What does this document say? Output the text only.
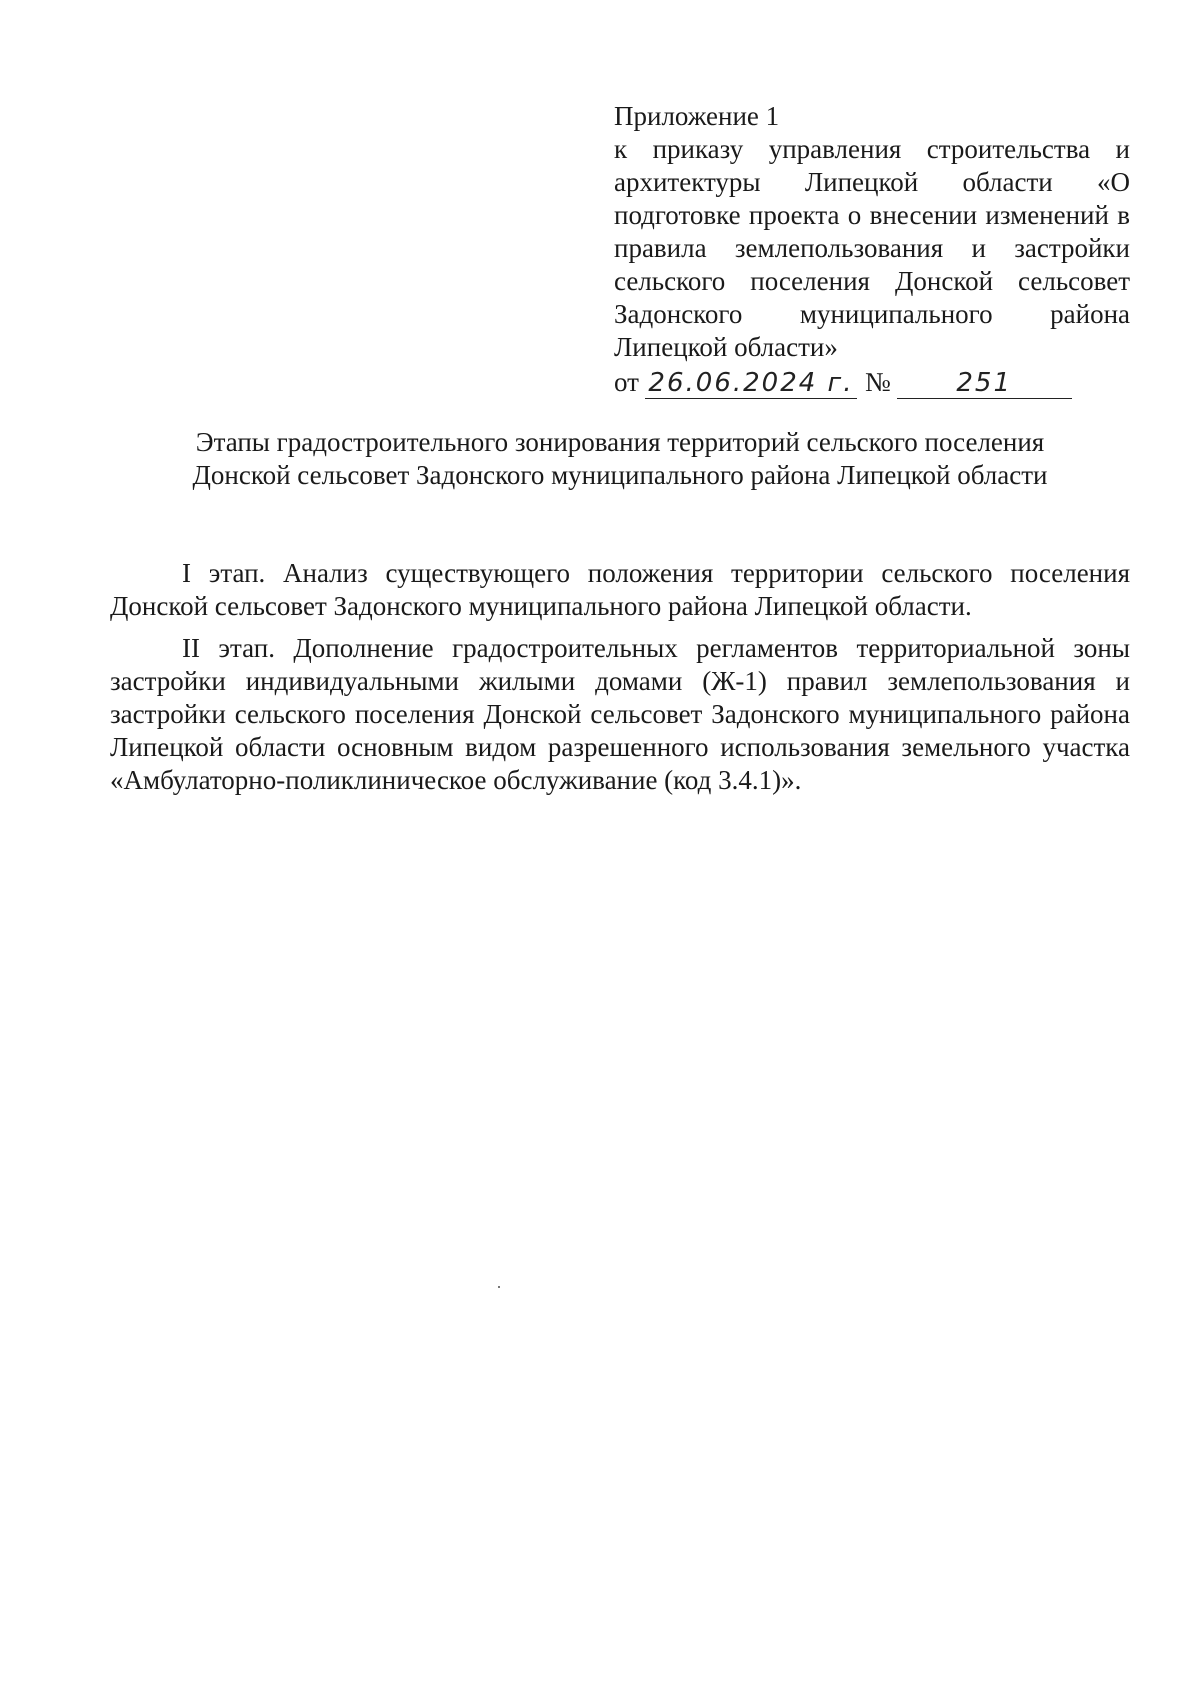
Приложение 1
к приказу управления строительства и архитектуры Липецкой области «О подготовке проекта о внесении изменений в правила землепользования и застройки сельского поселения Донской сельсовет Задонского муниципального района Липецкой области»
от 26.06.2024 г. №	251
Этапы градостроительного зонирования территорий сельского поселения Донской сельсовет Задонского муниципального района Липецкой области

I этап. Анализ существующего положения территории сельского поселения Донской сельсовет Задонского муниципального района Липецкой области.

II этап. Дополнение градостроительных регламентов территориальной зоны застройки индивидуальными жилыми домами (Ж-1) правил землепользования и застройки сельского поселения Донской сельсовет Задонского муниципального района Липецкой области основным видом разрешенного использования земельного участка «Амбулаторно-поликлиническое обслуживание (код 3.4.1)».
